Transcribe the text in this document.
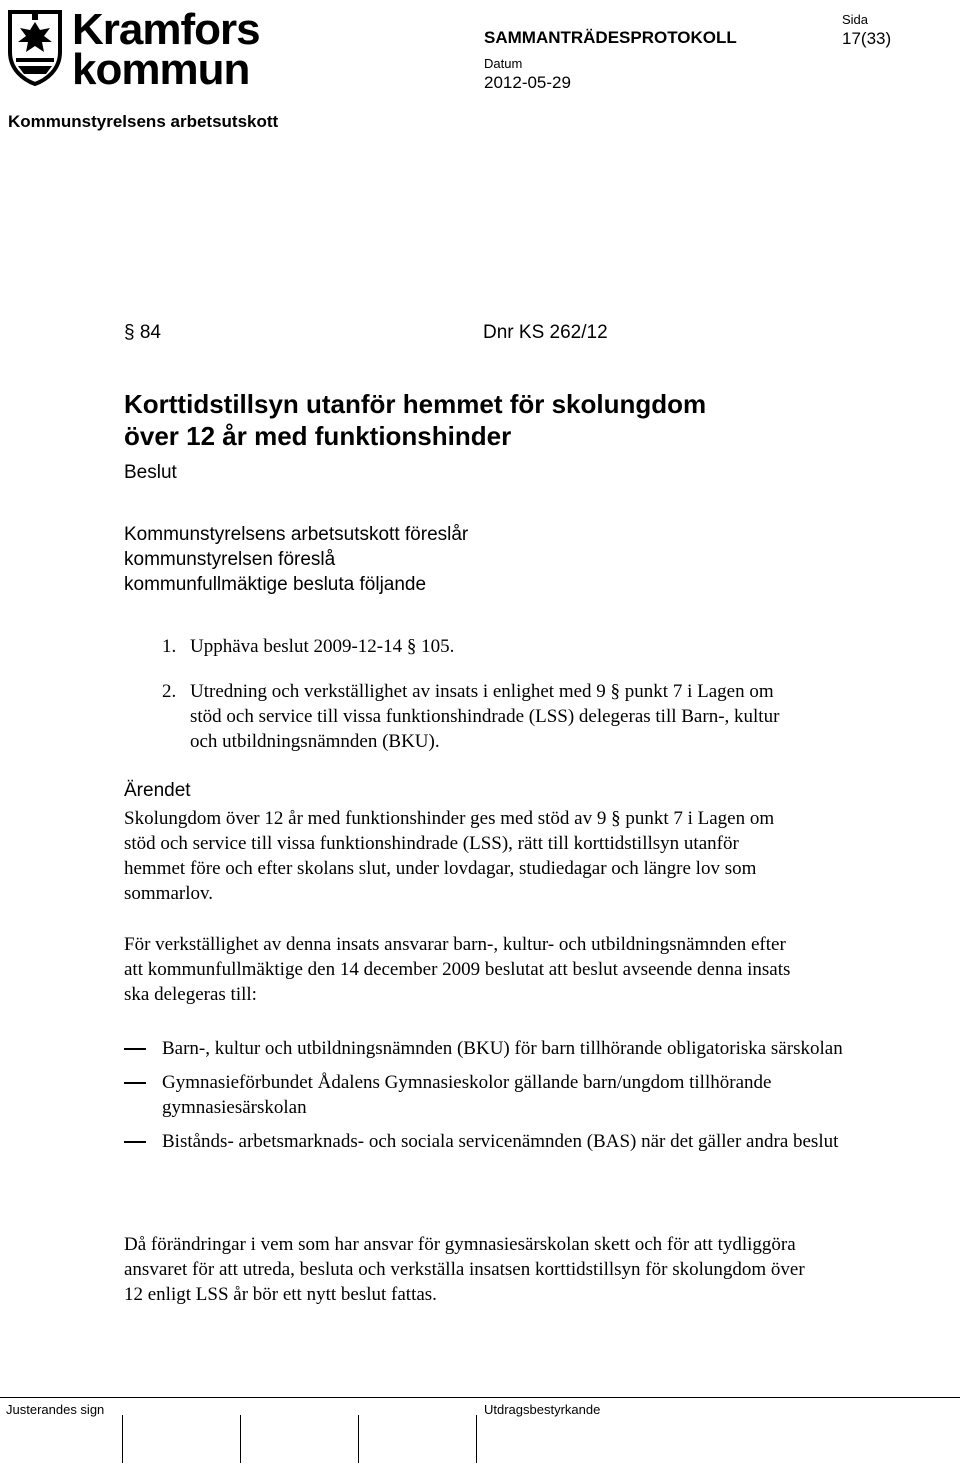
Kramfors
kommun
SAMMANTRÄDESPROTOKOLL
Sida
17(33)
Datum
2012-05-29
Kommunstyrelsens arbetsutskott
§ 84	Dnr KS 262/12
Korttidstillsyn utanför hemmet för skolungdom
över 12 år med funktionshinder
Beslut
Kommunstyrelsens arbetsutskott föreslår
kommunstyrelsen föreslå
kommunfullmäktige besluta följande
1. Upphäva beslut 2009-12-14 § 105.
2. Utredning och verkställighet av insats i enlighet med 9 § punkt 7 i Lagen om stöd och service till vissa funktionshindrade (LSS) delegeras till Barn-, kultur och utbildningsnämnden (BKU).
Ärendet
Skolungdom över 12 år med funktionshinder ges med stöd av 9 § punkt 7 i Lagen om stöd och service till vissa funktionshindrade (LSS), rätt till korttidstillsyn utanför hemmet före och efter skolans slut, under lovdagar, studiedagar och längre lov som sommarlov.
För verkställighet av denna insats ansvarar barn-, kultur- och utbildningsnämnden efter att kommunfullmäktige den 14 december 2009 beslutat att beslut avseende denna insats ska delegeras till:
Barn-, kultur och utbildningsnämnden (BKU) för barn tillhörande obligatoriska särskolan
Gymnasieförbundet Ådalens Gymnasieskolor gällande barn/ungdom tillhörande gymnasiesärskolan
Bistånds- arbetsmarknads- och sociala servicenämnden (BAS) när det gäller andra beslut
Då förändringar i vem som har ansvar för gymnasiesärskolan skett och för att tydliggöra ansvaret för att utreda, besluta och verkställa insatsen korttidstillsyn för skolungdom över 12 enligt LSS år bör ett nytt beslut fattas.
Justerandes sign	Utdragsbestyrkande
